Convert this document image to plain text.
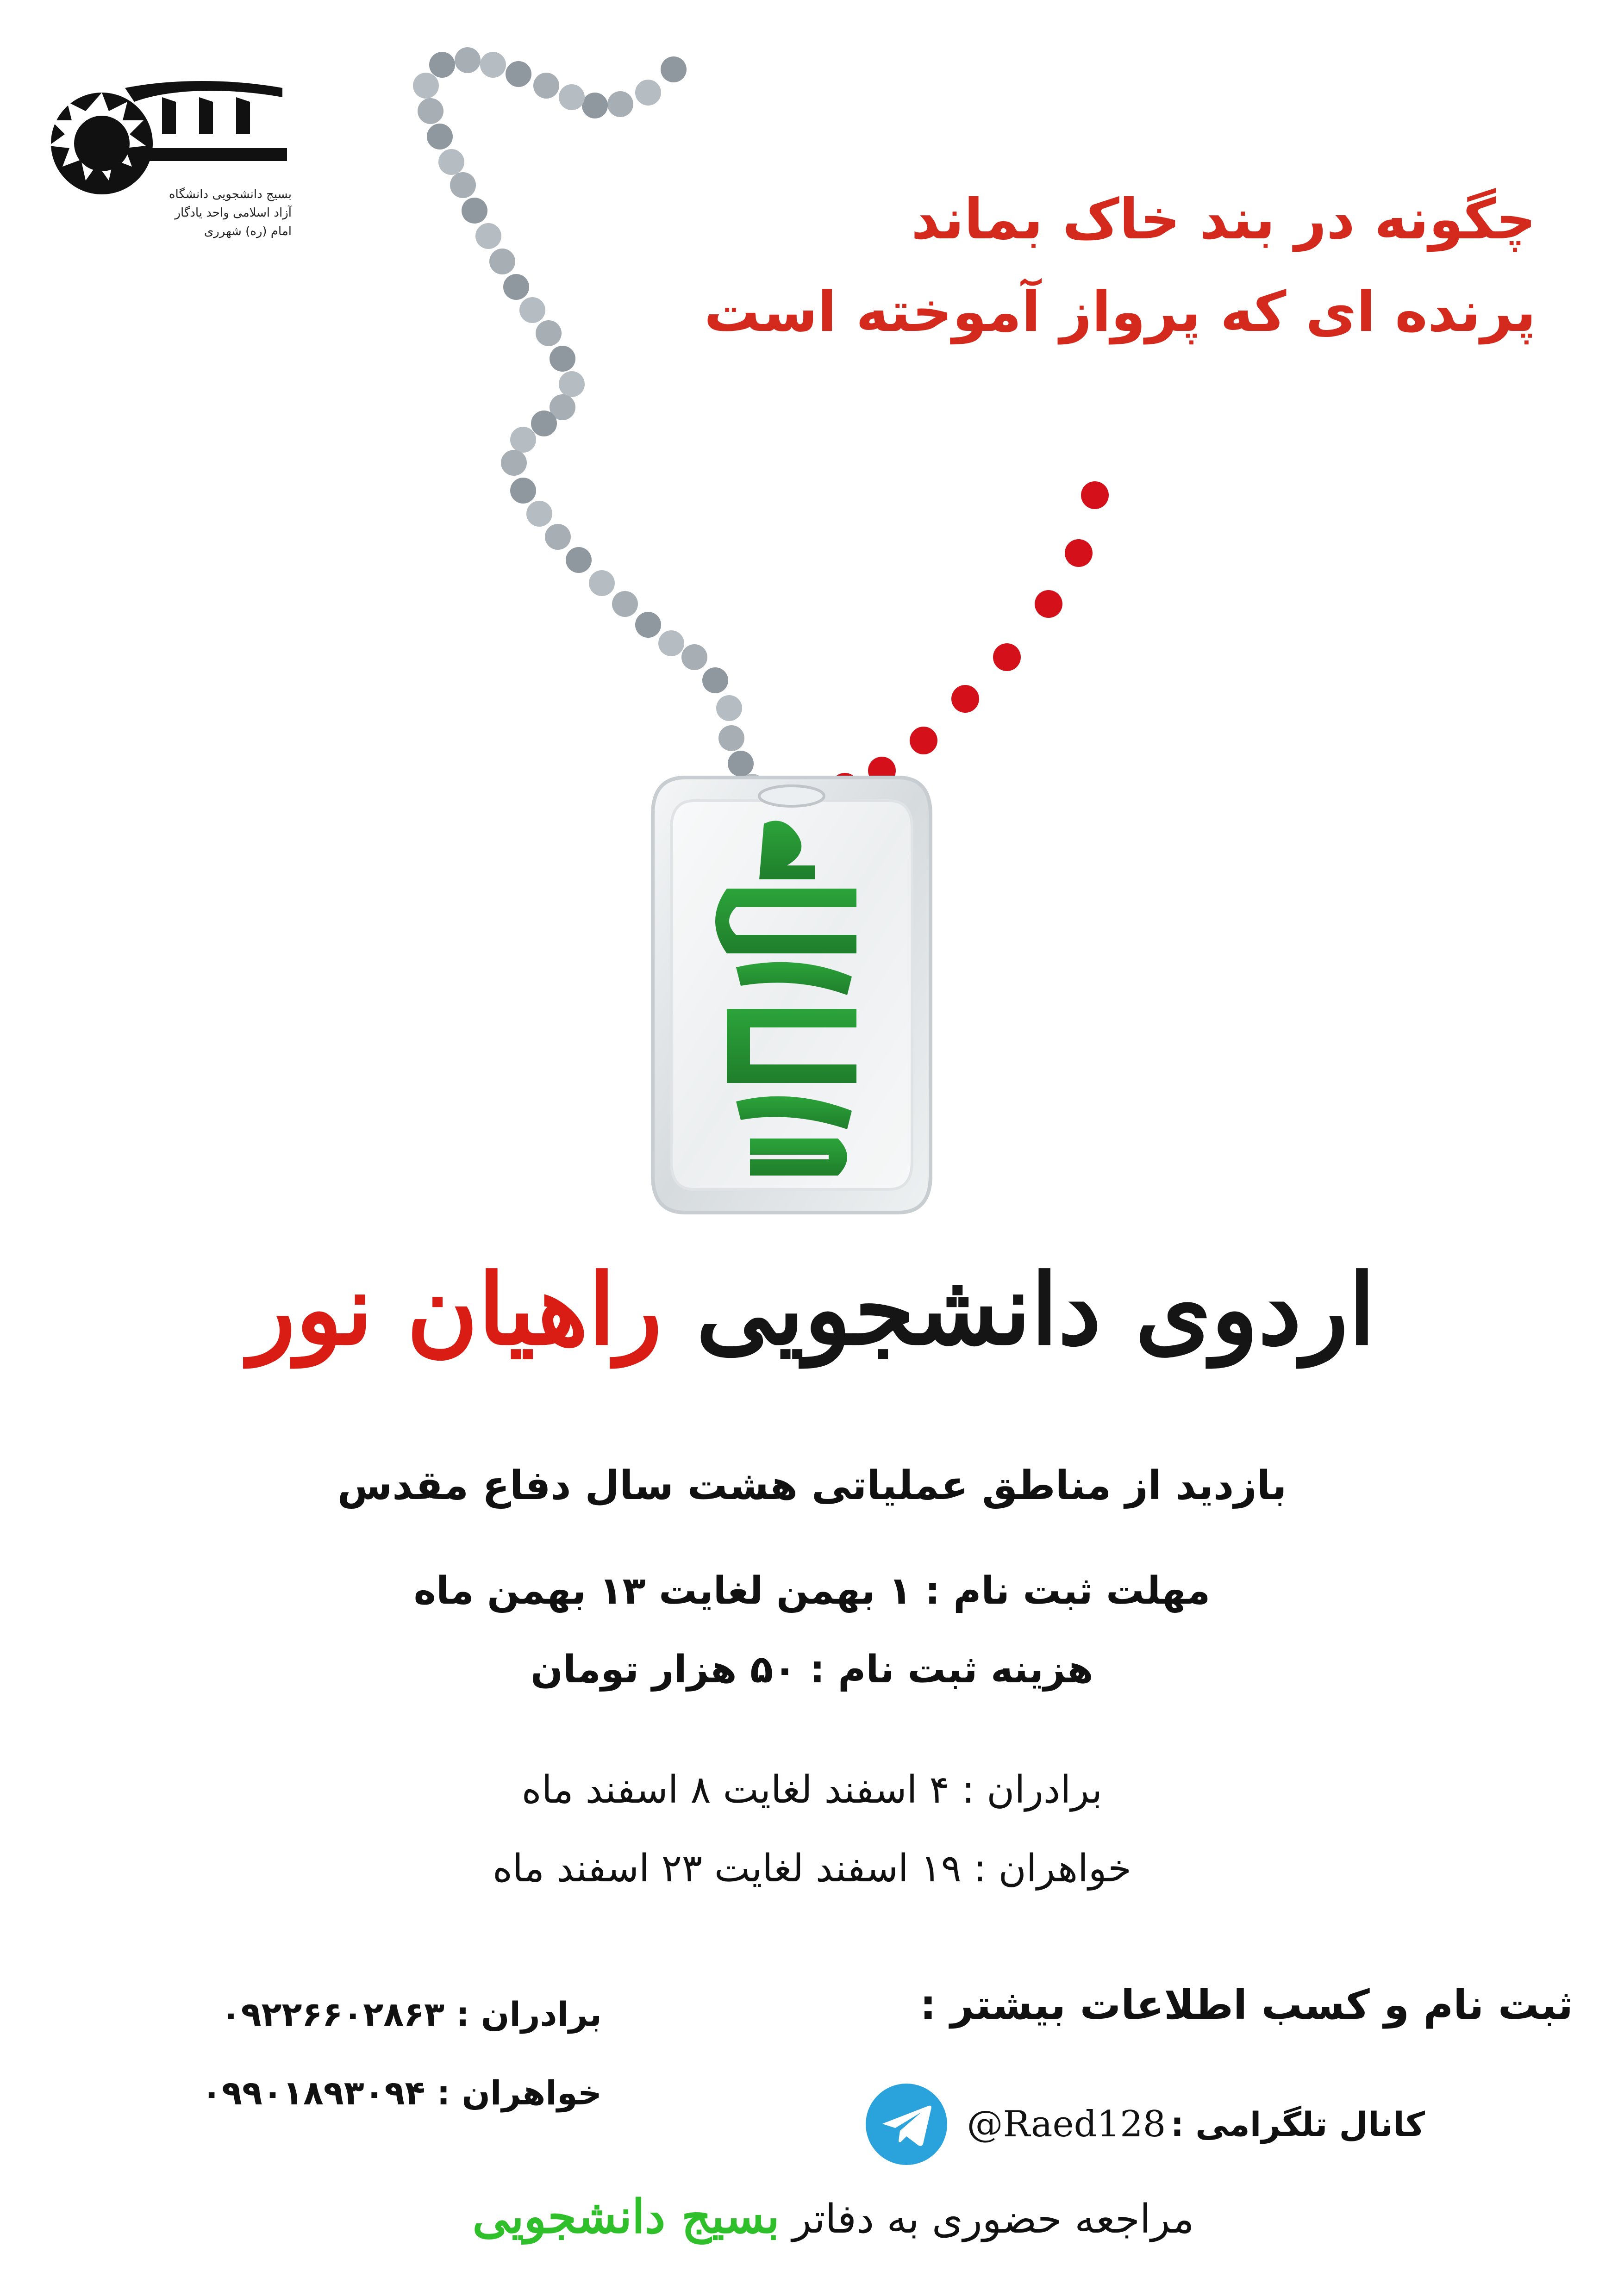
بسیج دانشجویی دانشگاه آزاد اسلامی واحد یادگار امام (ره) شهرری	چگونه در بند خاک بماند
پرنده ای که پرواز آموخته است
اردوی دانشجویی راهیان نور
بازدید از مناطق عملیاتی هشت سال دفاع مقدس
مهلت ثبت نام : ۱ بهمن لغایت ۱۳ بهمن ماه
هزینه ثبت نام : ۵۰ هزار تومان
برادران : ۴ اسفند لغایت ۸ اسفند ماه
خواهران : ۱۹ اسفند لغایت ۲۳ اسفند ماه
ثبت نام و کسب اطلاعات بیشتر :
کانال تلگرامی :
@Raed128
برادران : ۰۹۲۲۶۶۰۲۸۶۳
خواهران : ۰۹۹۰۱۸۹۳۰۹۴
مراجعه حضوری به دفاتر بسیج دانشجویی
